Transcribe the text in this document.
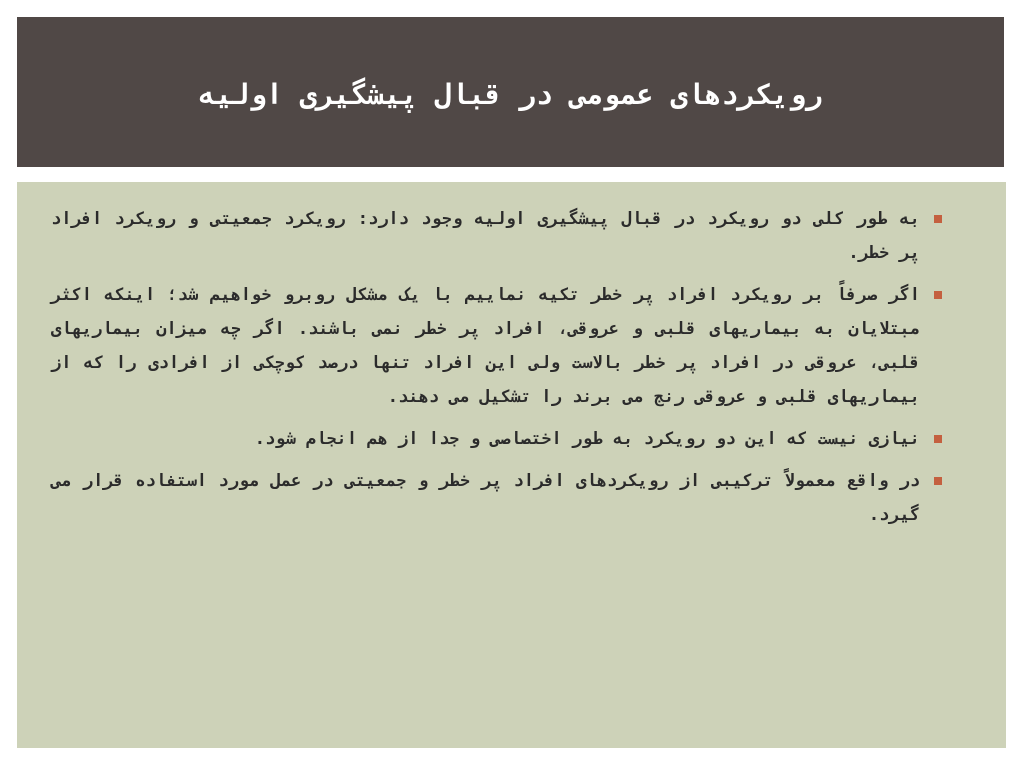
رویکردهای عمومی در قبال پیشگیری اولیه
به طور کلی دو رویکرد در قبال پیشگیری اولیه وجود دارد: رویکرد جمعیتی و رویکرد افراد پر خطر.
اگر صرفاً بر رویکرد افراد پر خطر تکیه نماییم با یک مشکل روبرو خواهیم شد؛ اینکه اکثر مبتلایان به بیماریهای قلبی و عروقی، افراد پر خطر نمی باشند. اگر چه میزان بیماریهای قلبی، عروقی در افراد پر خطر بالاست ولی این افراد تنها درصد کوچکی از افرادی را که از بیماریهای قلبی و عروقی رنج می برند را تشکیل می دهند.
نیازی نیست که این دو رویکرد به طور اختصاصی و جدا از هم انجام شود.
در واقع معمولاً ترکیبی از رویکردهای افراد پر خطر و جمعیتی در عمل مورد استفاده قرار می گیرد.
